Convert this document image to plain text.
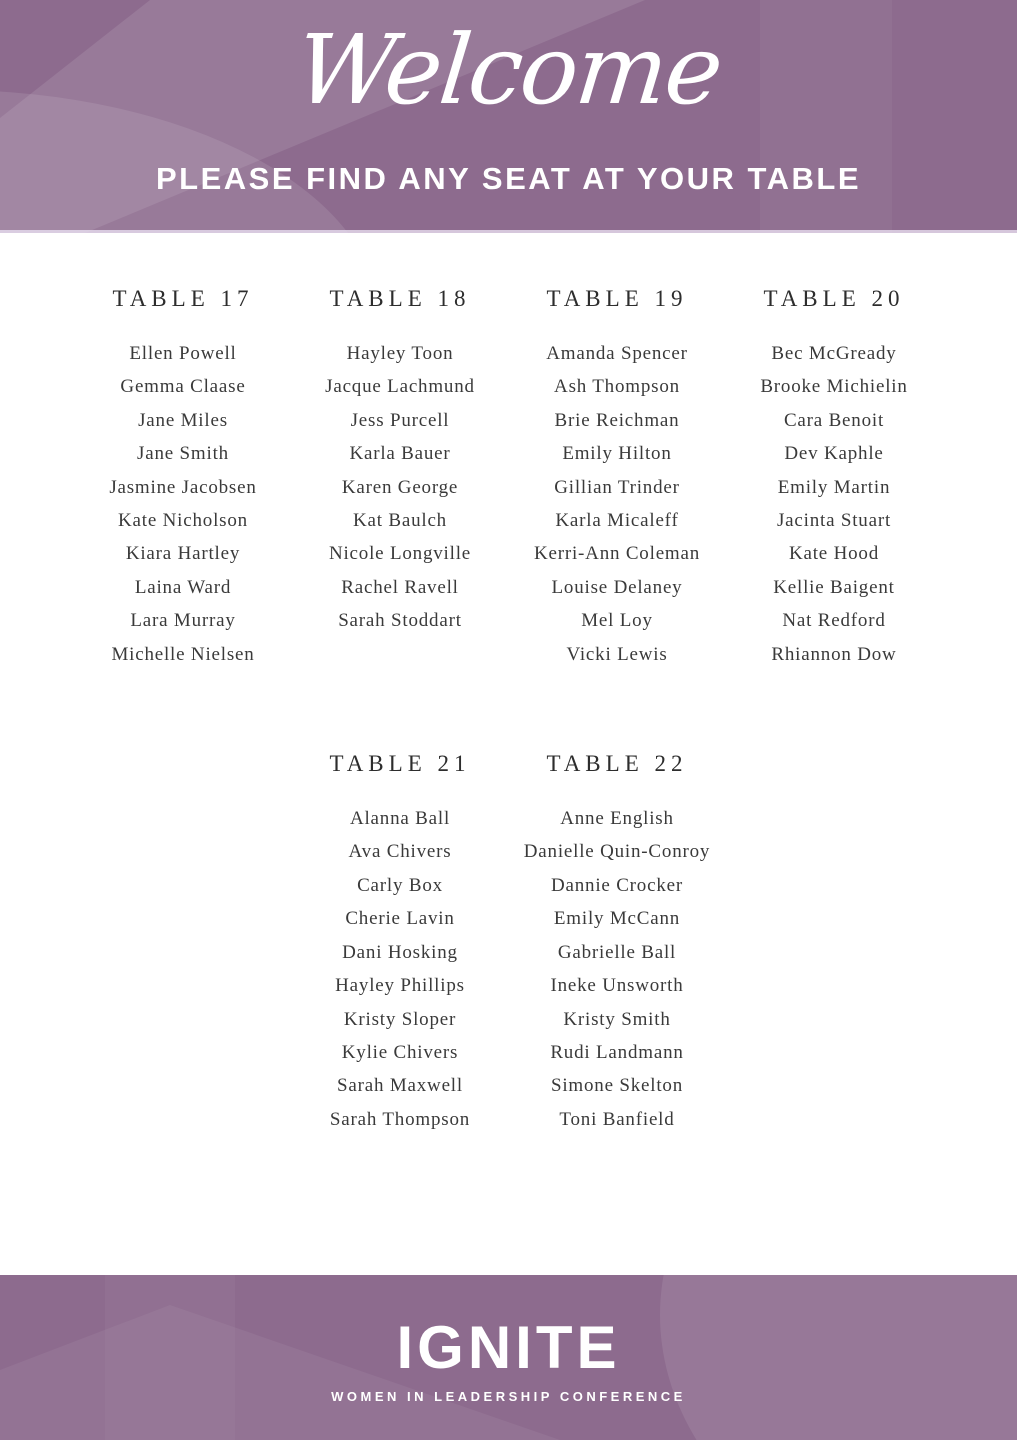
Welcome
PLEASE FIND ANY SEAT AT YOUR TABLE
TABLE 17
Ellen Powell
Gemma Claase
Jane Miles
Jane Smith
Jasmine Jacobsen
Kate Nicholson
Kiara Hartley
Laina Ward
Lara Murray
Michelle Nielsen
TABLE 18
Hayley Toon
Jacque Lachmund
Jess Purcell
Karla Bauer
Karen George
Kat Baulch
Nicole Longville
Rachel Ravell
Sarah Stoddart
TABLE 19
Amanda Spencer
Ash Thompson
Brie Reichman
Emily Hilton
Gillian Trinder
Karla Micaleff
Kerri-Ann Coleman
Louise Delaney
Mel Loy
Vicki Lewis
TABLE 20
Bec McGready
Brooke Michielin
Cara Benoit
Dev Kaphle
Emily Martin
Jacinta Stuart
Kate Hood
Kellie Baigent
Nat Redford
Rhiannon Dow
TABLE 21
Alanna Ball
Ava Chivers
Carly Box
Cherie Lavin
Dani Hosking
Hayley Phillips
Kristy Sloper
Kylie Chivers
Sarah Maxwell
Sarah Thompson
TABLE 22
Anne English
Danielle Quin-Conroy
Dannie Crocker
Emily McCann
Gabrielle Ball
Ineke Unsworth
Kristy Smith
Rudi Landmann
Simone Skelton
Toni Banfield
IGNITE
WOMEN IN LEADERSHIP CONFERENCE
